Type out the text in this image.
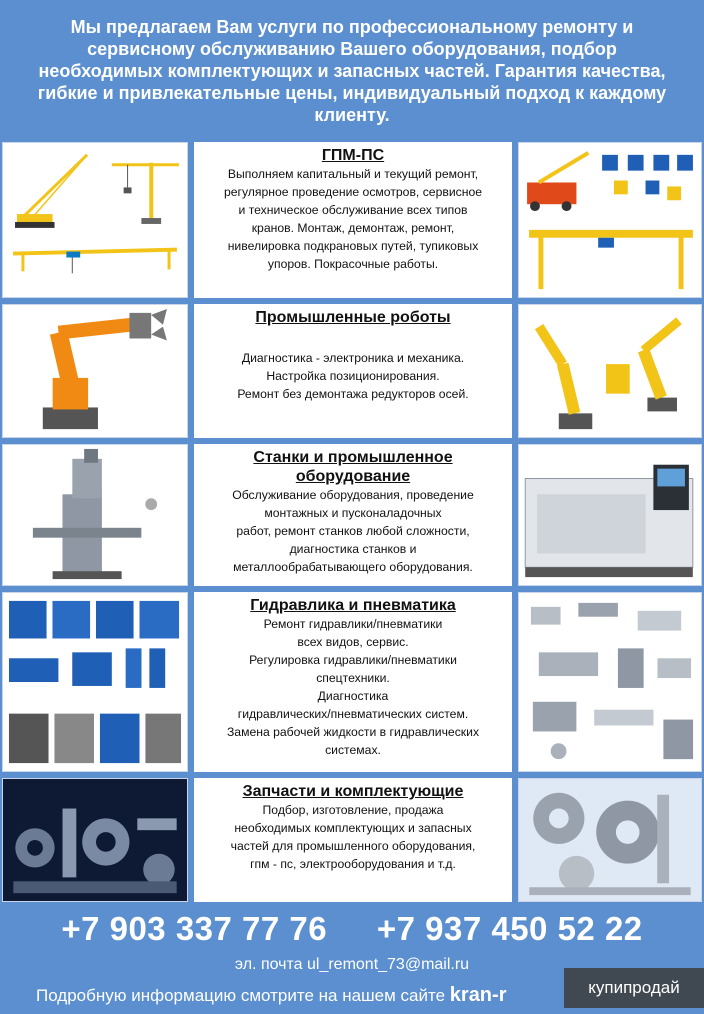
Мы предлагаем Вам услуги по профессиональному ремонту и сервисному обслуживанию Вашего оборудования, подбор необходимых комплектующих и запасных частей. Гарантия качества, гибкие и привлекательные цены, индивидуальный подход к каждому клиенту.
ГПМ-ПС

Выполняем капитальный и текущий ремонт,

регулярное проведение осмотров, сервисное

и техническое обслуживание всех типов

кранов. Монтаж, демонтаж, ремонт,

нивелировка подкрановых путей, тупиковых

упоров. Покрасочные работы.

Промышленные роботы

Диагностика - электроника и механика.

Настройка позиционирования.

Ремонт без демонтажа редукторов осей.

Станки и промышленное оборудование

Обслуживание оборудования, проведение

монтажных и пусконаладочных

работ, ремонт станков любой сложности,

диагностика станков и

металлообрабатывающего оборудования.

Гидравлика и пневматика

Ремонт гидравлики/пневматики

всех видов, сервис.

Регулировка гидравлики/пневматики

спецтехники.

Диагностика

гидравлических/пневматических систем.

Замена рабочей жидкости в гидравлических

системах.

Запчасти и комплектующие

Подбор, изготовление, продажа

необходимых комплектующих и запасных

частей для промышленного оборудования,

гпм - пс, электрооборудования и т.д.

+7 903 337 77 76 +7 937 450 52 22
эл. почта ul_remont_73@mail.ru
Подробную информацию смотрите на нашем сайте kran-r	купипродай
